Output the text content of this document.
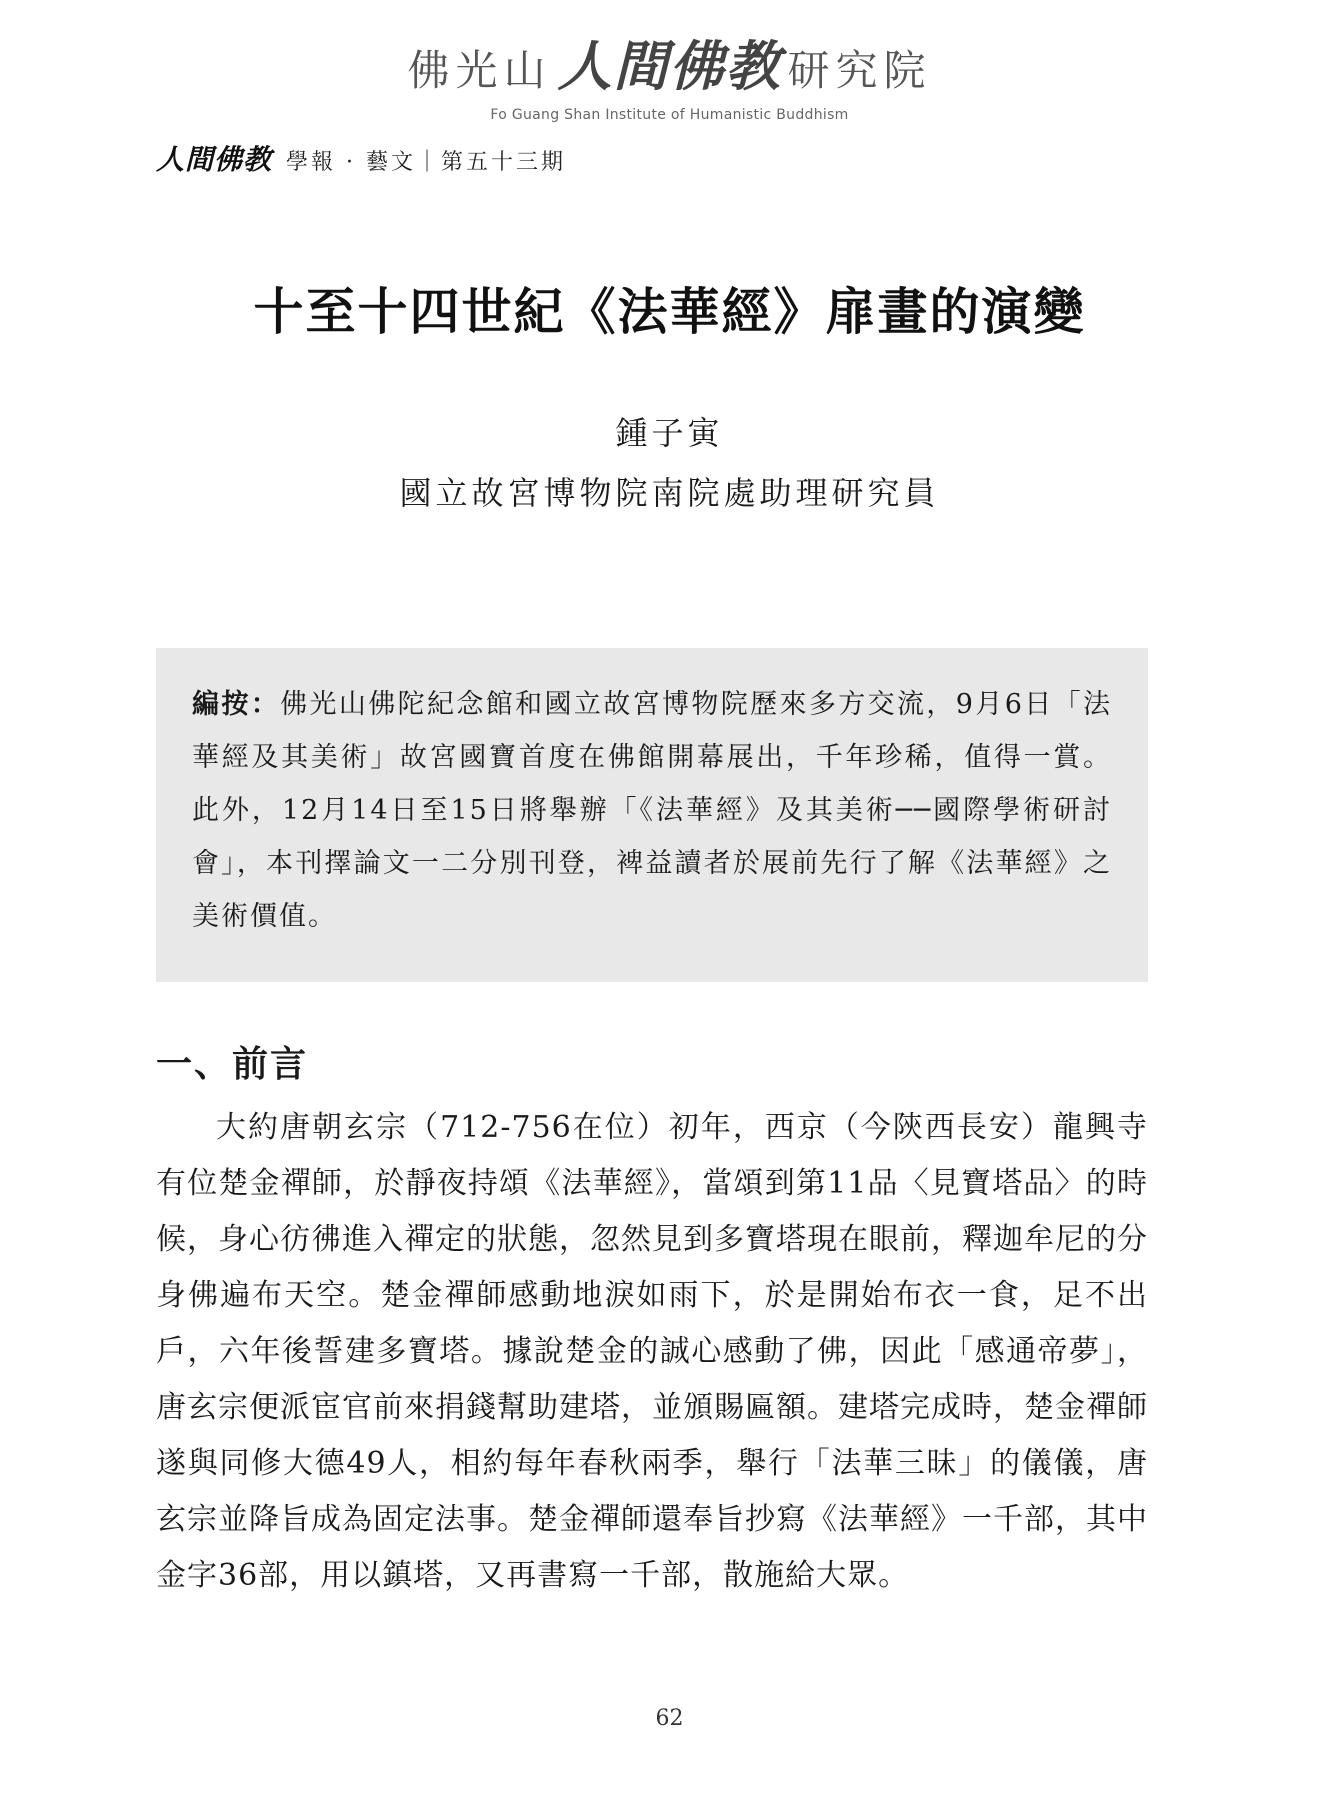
佛光山 人間佛教 研究院
Fo Guang Shan Institute of Humanistic Buddhism
人間佛教 學報 · 藝文｜第五十三期
十至十四世紀《法華經》扉畫的演變
鍾子寅
國立故宮博物院南院處助理研究員

編按：佛光山佛陀紀念館和國立故宮博物院歷來多方交流，9月6日「法華經及其美術」故宮國寶首度在佛館開幕展出，千年珍稀，值得一賞。此外，12月14日至15日將舉辦「《法華經》及其美術──國際學術研討會」，本刊擇論文一二分別刊登，裨益讀者於展前先行了解《法華經》之美術價值。

一、前言

大約唐朝玄宗（712-756在位）初年，西京（今陝西長安）龍興寺有位楚金禪師，於靜夜持頌《法華經》，當頌到第11品〈見寶塔品〉的時候，身心彷彿進入禪定的狀態，忽然見到多寶塔現在眼前，釋迦牟尼的分身佛遍布天空。楚金禪師感動地淚如雨下，於是開始布衣一食，足不出戶，六年後誓建多寶塔。據說楚金的誠心感動了佛，因此「感通帝夢」，唐玄宗便派宦官前來捐錢幫助建塔，並頒賜匾額。建塔完成時，楚金禪師遂與同修大德49人，相約每年春秋兩季，舉行「法華三昧」的儀儀，唐玄宗並降旨成為固定法事。楚金禪師還奉旨抄寫《法華經》一千部，其中金字36部，用以鎮塔，又再書寫一千部，散施給大眾。

62
